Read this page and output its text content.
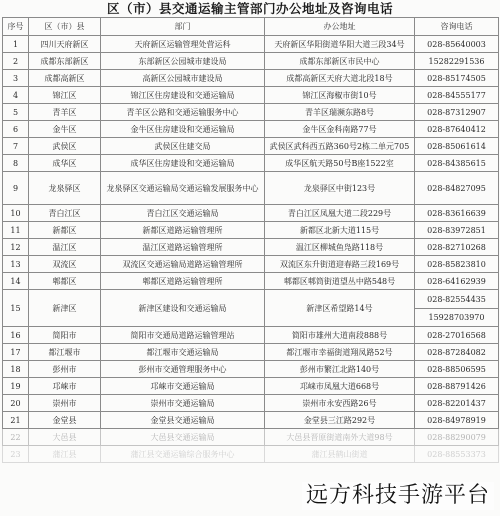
区（市）县交通运输主管部门办公地址及咨询电话
序号	区（市）县	部门	办公地址	咨询电话
1	四川天府新区	天府新区运输管理处营运科	天府新区华阳街道华阳大道三段34号	028-85640003
2	成都东部新区	东部新区公园城市建设局	成都东部新区市民中心	15282291536
3	成都高新区	高新区公园城市建设局	成都高新区天府大道北段18号	028-85174505
4	锦江区	锦江区住房建设和交通运输局	锦江区海椒市街10号	028-84555177
5	青羊区	青羊区公路和交通运输服务中心	青羊区瑞濒东路8号	028-87312907
6	金牛区	金牛区住房建设和交通运输局	金牛区金科南路77号	028-87640412
7	武侯区	武侯区住建交局	武侯区武科西五路360号2栋二单元705	028-85061614
8	成华区	成华区住房建设和交通运输局	成华区航天路50号B座1522室	028-84385615
9	龙泉驿区	龙泉驿区交通运输局交通运输发展服务中心	龙泉驿区中街123号	028-84827095
10	青白江区	青白江区交通运输局	青白江区凤凰大道二段229号	028-83616639
11	新都区	新都区道路运输管理所	新都区北新大道115号	028-83972851
12	温江区	温江区道路运输管理所	温江区柳城鱼凫路118号	028-82710268
13	双流区	双流区交通运输局道路运输管理所	双流区东升街道迎春路三段169号	028-85823810
14	郫都区	郫都区道路运输管理所	郫都区郫筒街道望丛中路548号	028-64162939
15	新津区	新津区建设和交通运输局	新津区希望路14号	028-82554435
15928703970

16	简阳市	简阳市交通局道路运输管理站	简阳市雄州大道南段888号	028-27016568
17	都江堰市	都江堰市交通运输局	都江堰市幸福街道翔凤路52号	028-87284082
18	彭州市	彭州市交通管理服务中心	彭州市繁江北路140号	028-88506595
19	邛崃市	邛崃市交通运输局	邛崃市凤凰大道668号	028-88791426
20	崇州市	崇州市交通运输局	崇州市永安西路26号	028-82201437
21	金堂县	金堂县交通运输局	金堂县三江路292号	028-84978919
22	大邑县	大邑县交通运输局	大邑县晋原街道南外大道98号	028-88290079
23	蒲江县	蒲江县交通运输综合服务中心	蒲江县鹤山街道	028-88553373
远方科技手游平台
